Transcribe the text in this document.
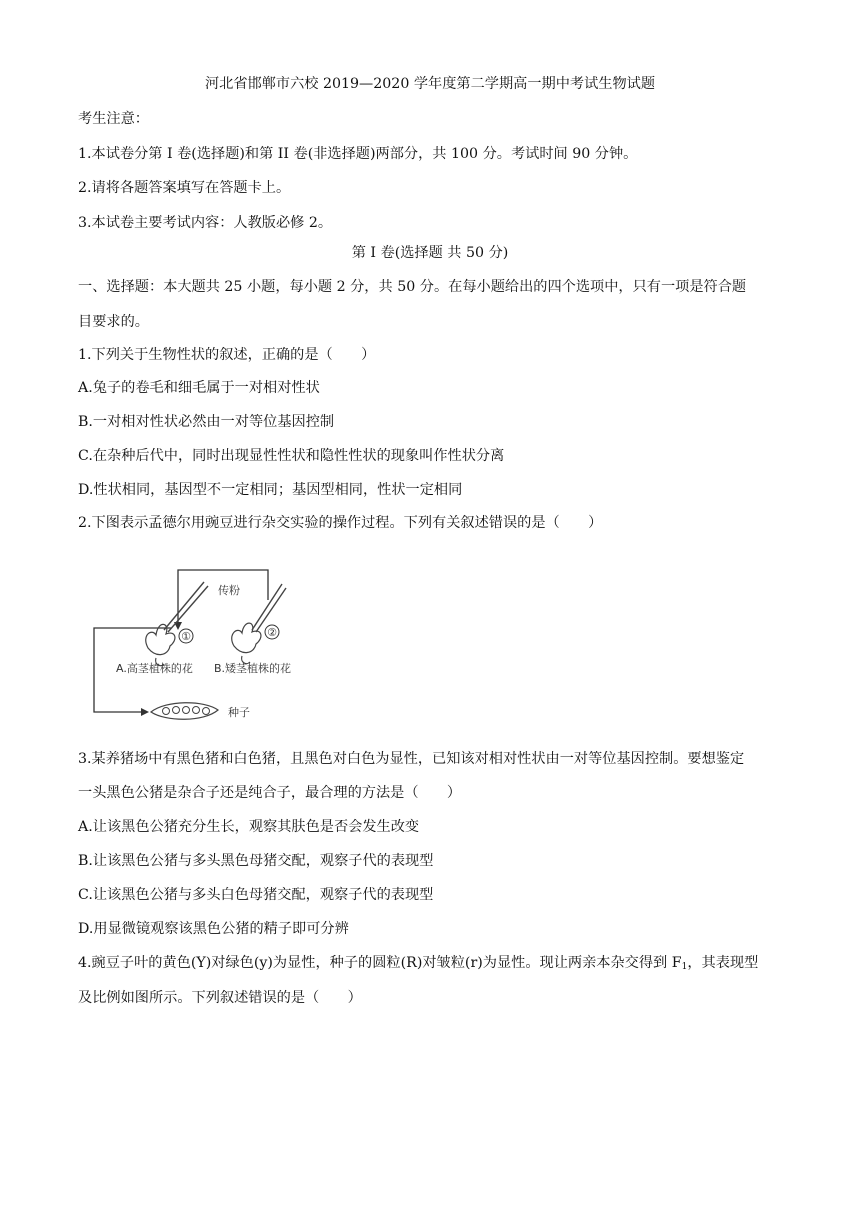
河北省邯郸市六校 2019—2020 学年度第二学期高一期中考试生物试题
考生注意：
1.本试卷分第 I 卷(选择题)和第 II 卷(非选择题)两部分，共 100 分。考试时间 90 分钟。
2.请将各题答案填写在答题卡上。
3.本试卷主要考试内容：人教版必修 2。
第 I 卷(选择题 共 50 分)
一、选择题：本大题共 25 小题，每小题 2 分，共 50 分。在每小题给出的四个选项中，只有一项是符合题
目要求的。
1.下列关于生物性状的叙述，正确的是（　　）
A.兔子的卷毛和细毛属于一对相对性状
B.一对相对性状必然由一对等位基因控制
C.在杂种后代中，同时出现显性性状和隐性性状的现象叫作性状分离
D.性状相同，基因型不一定相同；基因型相同，性状一定相同
2.下图表示孟德尔用豌豆进行杂交实验的操作过程。下列有关叙述错误的是（　　）
①	②
传粉
A.高茎植株的花 B.矮茎植株的花
种子
3.某养猪场中有黑色猪和白色猪，且黑色对白色为显性，已知该对相对性状由一对等位基因控制。要想鉴定
一头黑色公猪是杂合子还是纯合子，最合理的方法是（　　）
A.让该黑色公猪充分生长，观察其肤色是否会发生改变
B.让该黑色公猪与多头黑色母猪交配，观察子代的表现型
C.让该黑色公猪与多头白色母猪交配，观察子代的表现型
D.用显微镜观察该黑色公猪的精子即可分辨
4.豌豆子叶的黄色(Y)对绿色(y)为显性，种子的圆粒(R)对皱粒(r)为显性。现让两亲本杂交得到 $F_1$，其表现型
及比例如图所示。下列叙述错误的是（　　）
